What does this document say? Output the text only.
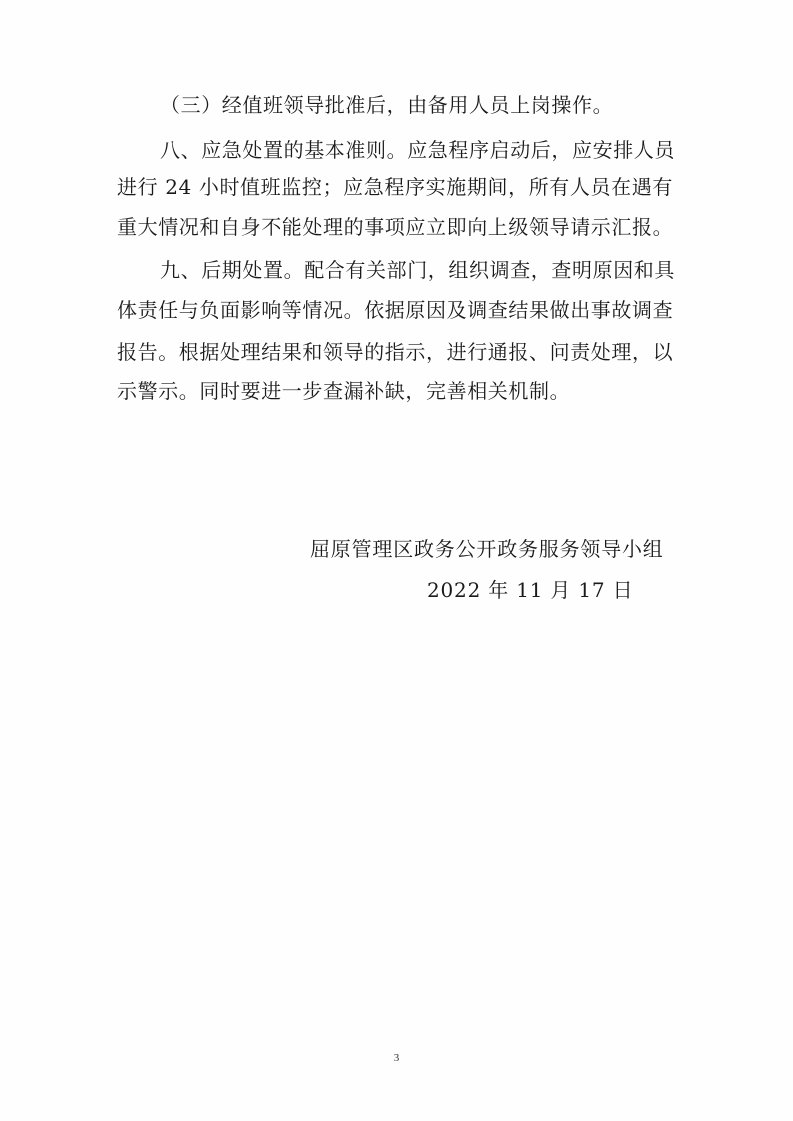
（三）经值班领导批准后，由备用人员上岗操作。
八、应急处置的基本准则。应急程序启动后，应安排人员
进行 24 小时值班监控；应急程序实施期间，所有人员在遇有
重大情况和自身不能处理的事项应立即向上级领导请示汇报。
九、后期处置。配合有关部门，组织调查，查明原因和具
体责任与负面影响等情况。依据原因及调查结果做出事故调查
报告。根据处理结果和领导的指示，进行通报、问责处理，以
示警示。同时要进一步查漏补缺，完善相关机制。
屈原管理区政务公开政务服务领导小组
2022 年 11 月 17 日
3
